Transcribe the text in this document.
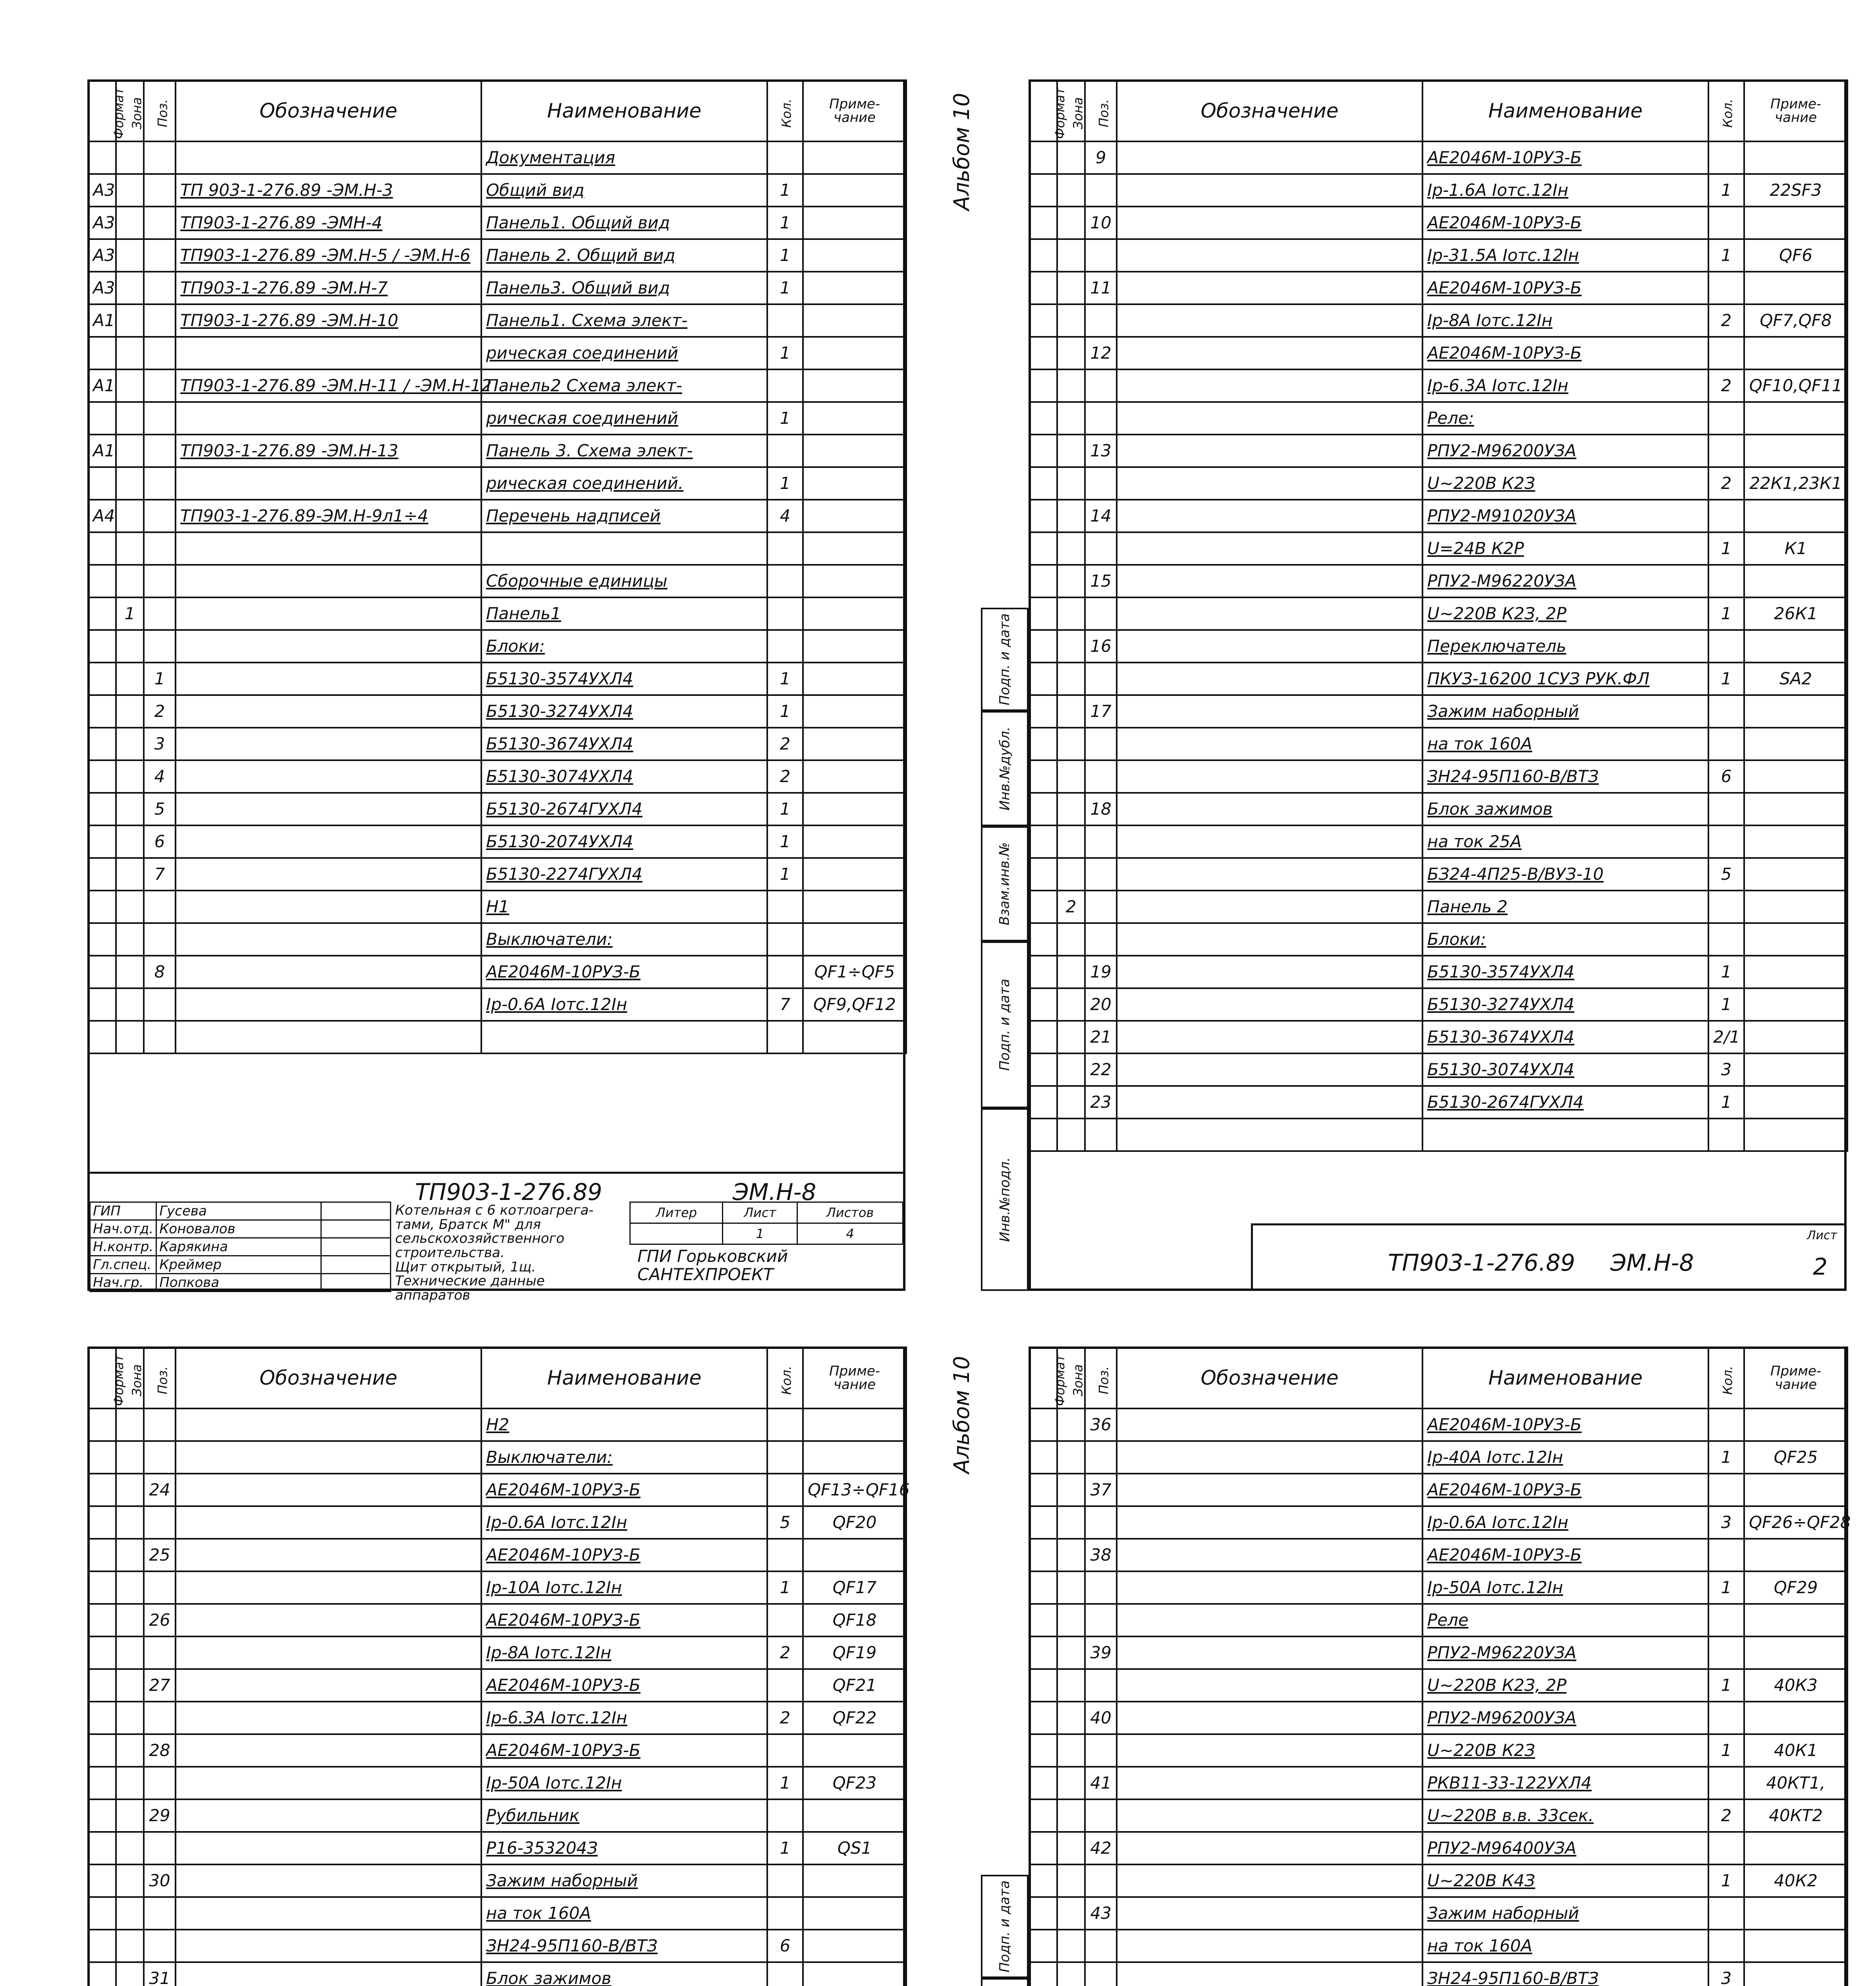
Формат	Зона	Поз.	Обозначение	Наименование	Кол.	Приме-
чание
				Документация		
А3			ТП 903-1-276.89 -ЭМ.Н-3	Общий вид	1	
А3			ТП903-1-276.89 -ЭМН-4	Панель1. Общий вид	1	
А3			ТП903-1-276.89 -ЭМ.Н-5 / -ЭМ.Н-6	Панель 2. Общий вид	1	
А3			ТП903-1-276.89 -ЭМ.Н-7	Панель3. Общий вид	1	
А1			ТП903-1-276.89 -ЭМ.Н-10	Панель1. Схема элект-		
				рическая соединений	1	
А1			ТП903-1-276.89 -ЭМ.Н-11 / -ЭМ.Н-12	Панель2 Схема элект-		
				рическая соединений	1	
А1			ТП903-1-276.89 -ЭМ.Н-13	Панель 3. Схема элект-		
				рическая соединений.	1	
А4			ТП903-1-276.89-ЭМ.Н-9л1÷4	Перечень надписей	4	

				Сборочные единицы		
	1			Панель1		
				Блоки:		
		1		Б5130-3574УХЛ4	1	
		2		Б5130-3274УХЛ4	1	
		3		Б5130-3674УХЛ4	2	
		4		Б5130-3074УХЛ4	2	
		5		Б5130-2674ГУХЛ4	1	
		6		Б5130-2074УХЛ4	1	
		7		Б5130-2274ГУХЛ4	1	
				Н1		
				Выключатели:		
		8		АЕ2046М-10РУЗ-Б		QF1÷QF5
				Iр-0.6А Iотс.12Iн	7	QF9,QF12

ТП903-1-276.89	ЭМ.Н-8
ГИП	Гусева	
Нач.отд.	Коновалов	
Н.контр.	Карякина	
Гл.спец.	Креймер	
Нач.гр.	Попкова	
Котельная с 6 котлоагрега-
тами, Братск М" для
сельскохозяйственного
строительства.
Щит открытый, 1щ.
Технические данные
аппаратов
Литер	Лист	Листов
	1	4
ГПИ Горьковский
САНТЕХПРОЕКТ
Альбом 10
Подп. и дата
Инв.№дубл.
Взам.инв.№
Подп. и дата
Инв.№подл.
Формат	Зона	Поз.	Обозначение	Наименование	Кол.	Приме-
чание
		9		АЕ2046М-10РУЗ-Б		
				Iр-1.6А Iотс.12Iн	1	22SF3
		10		АЕ2046М-10РУЗ-Б		
				Iр-31.5А Iотс.12Iн	1	QF6
		11		АЕ2046М-10РУЗ-Б		
				Iр-8А Iотс.12Iн	2	QF7,QF8
		12		АЕ2046М-10РУЗ-Б		
				Iр-6.3А Iотс.12Iн	2	QF10,QF11
				Реле:		
		13		РПУ2-М96200УЗА		
				U~220В К2З	2	22К1,23К1
		14		РПУ2-М91020УЗА		
				U=24В К2Р	1	К1
		15		РПУ2-М96220УЗА		
				U~220В К2З, 2Р	1	26К1
		16		Переключатель		
				ПКУЗ-16200 1СУЗ РУК.ФЛ	1	SA2
		17		Зажим наборный		
				на ток 160А		
				ЗН24-95П160-В/ВТЗ	6	
		18		Блок зажимов		
				на ток 25А		
				БЗ24-4П25-В/ВУЗ-10	5	
	2			Панель 2		
				Блоки:		
		19		Б5130-3574УХЛ4	1	
		20		Б5130-3274УХЛ4	1	
		21		Б5130-3674УХЛ4	2/1	
		22		Б5130-3074УХЛ4	3	
		23		Б5130-2674ГУХЛ4	1	

ТП903-1-276.89 ЭМ.Н-8
Лист
2
Формат	Зона	Поз.	Обозначение	Наименование	Кол.	Приме-
чание
				Н2		
				Выключатели:		
		24		АЕ2046М-10РУЗ-Б		QF13÷QF16
				Iр-0.6А Iотс.12Iн	5	QF20
		25		АЕ2046М-10РУЗ-Б		
				Iр-10А Iотс.12Iн	1	QF17
		26		АЕ2046М-10РУЗ-Б		QF18
				Iр-8А Iотс.12Iн	2	QF19
		27		АЕ2046М-10РУЗ-Б		QF21
				Iр-6.3А Iотс.12Iн	2	QF22
		28		АЕ2046М-10РУЗ-Б		
				Iр-50А Iотс.12Iн	1	QF23
		29		Рубильник		
				Р16-353204З	1	QS1
		30		Зажим наборный		
				на ток 160А		
				ЗН24-95П160-В/ВТЗ	6	
		31		Блок зажимов		

Альбом 10
Подп. и дата
Формат	Зона	Поз.	Обозначение	Наименование	Кол.	Приме-
чание
		36		АЕ2046М-10РУЗ-Б		
				Iр-40А Iотс.12Iн	1	QF25
		37		АЕ2046М-10РУЗ-Б		
				Iр-0.6А Iотс.12Iн	3	QF26÷QF28
		38		АЕ2046М-10РУЗ-Б		
				Iр-50А Iотс.12Iн	1	QF29
				Реле		
		39		РПУ2-М96220УЗА		
				U~220В К2З, 2Р	1	40К3
		40		РПУ2-М96200УЗА		
				U~220В К2З	1	40К1
		41		РКВ11-33-122УХЛ4		40КТ1,
				U~220В в.в. 33сек.	2	40КТ2
		42		РПУ2-М96400УЗА		
				U~220В К4З	1	40К2
		43		Зажим наборный		
				на ток 160А		
				ЗН24-95П160-В/ВТЗ	3	
